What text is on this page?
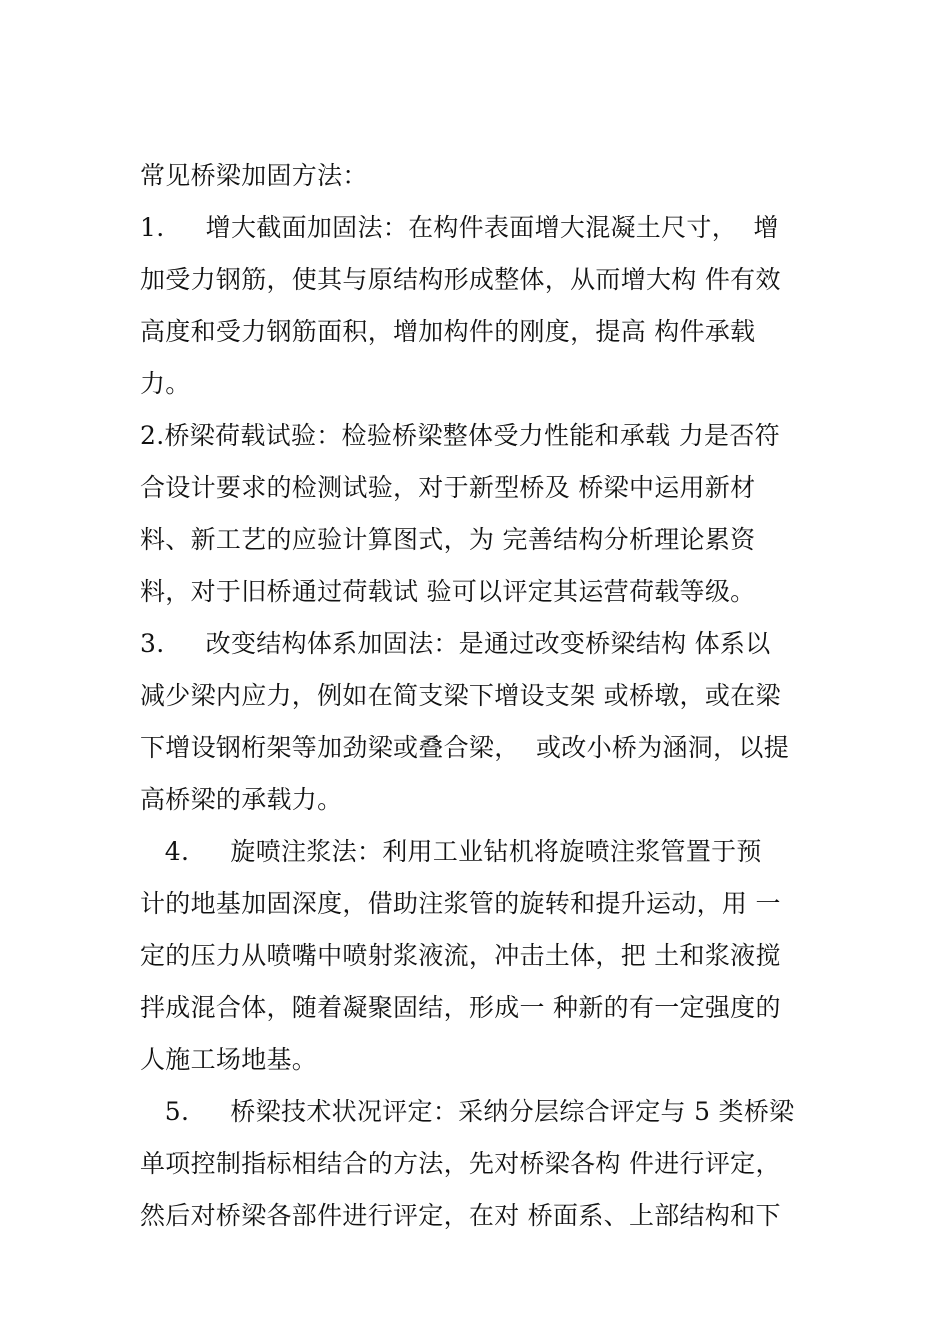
常见桥梁加固方法：
1.     增大截面加固法：在构件表面增大混凝土尺寸，  增
加受力钢筋，使其与原结构形成整体，从而增大构 件有效
高度和受力钢筋面积，增加构件的刚度，提高 构件承载
力。
2.桥梁荷载试验：检验桥梁整体受力性能和承载 力是否符
合设计要求的检测试验，对于新型桥及 桥梁中运用新材
料、新工艺的应验计算图式，为 完善结构分析理论累资
料，对于旧桥通过荷载试 验可以评定其运营荷载等级。
3.     改变结构体系加固法：是通过改变桥梁结构 体系以
减少梁内应力，例如在简支梁下增设支架 或桥墩，或在梁
下增设钢桁架等加劲梁或叠合梁，  或改小桥为涵洞，以提
高桥梁的承载力。
4.     旋喷注浆法：利用工业钻机将旋喷注浆管置于预
计的地基加固深度，借助注浆管的旋转和提升运动，用 一
定的压力从喷嘴中喷射浆液流，冲击土体，把 土和浆液搅
拌成混合体，随着凝聚固结，形成一 种新的有一定强度的
人施工场地基。
5.     桥梁技术状况评定：采纳分层综合评定与 5 类桥梁
单项控制指标相结合的方法，先对桥梁各构 件进行评定，
然后对桥梁各部件进行评定，在对 桥面系、上部结构和下
